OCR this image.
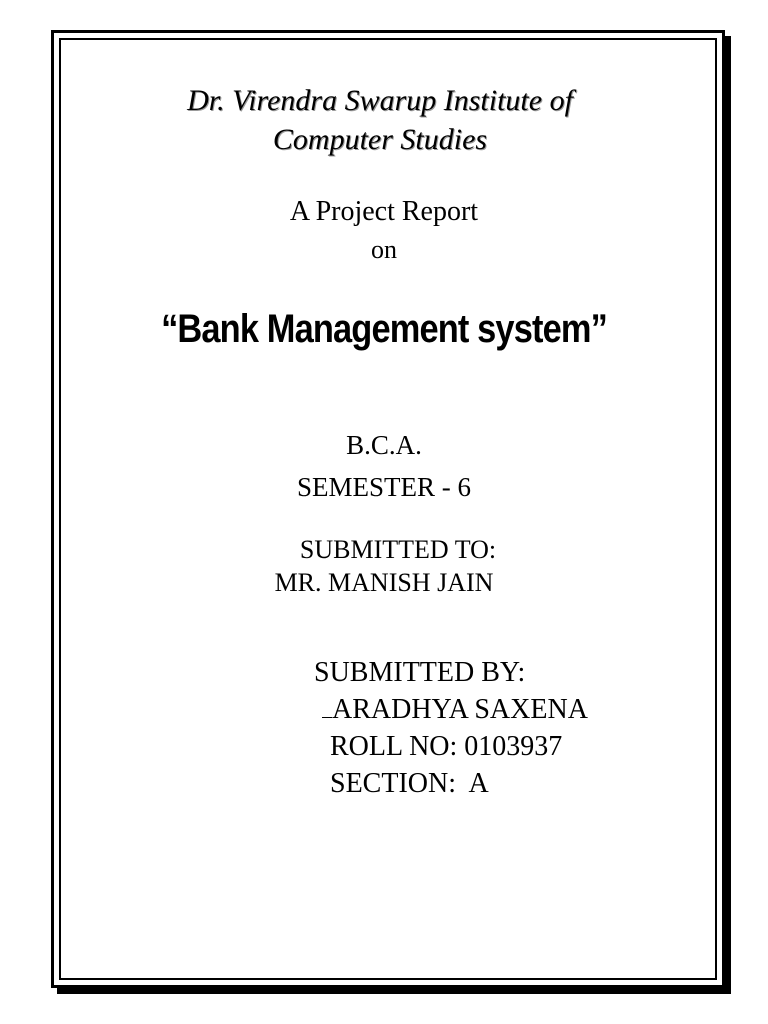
Dr. Virendra Swarup Institute of
Computer Studies
A Project Report
on
“Bank Management system”
B.C.A.
SEMESTER - 6
SUBMITTED TO:
MR. MANISH JAIN
SUBMITTED BY:
ARADHYA SAXENA
ROLL NO: 0103937
SECTION:  A
